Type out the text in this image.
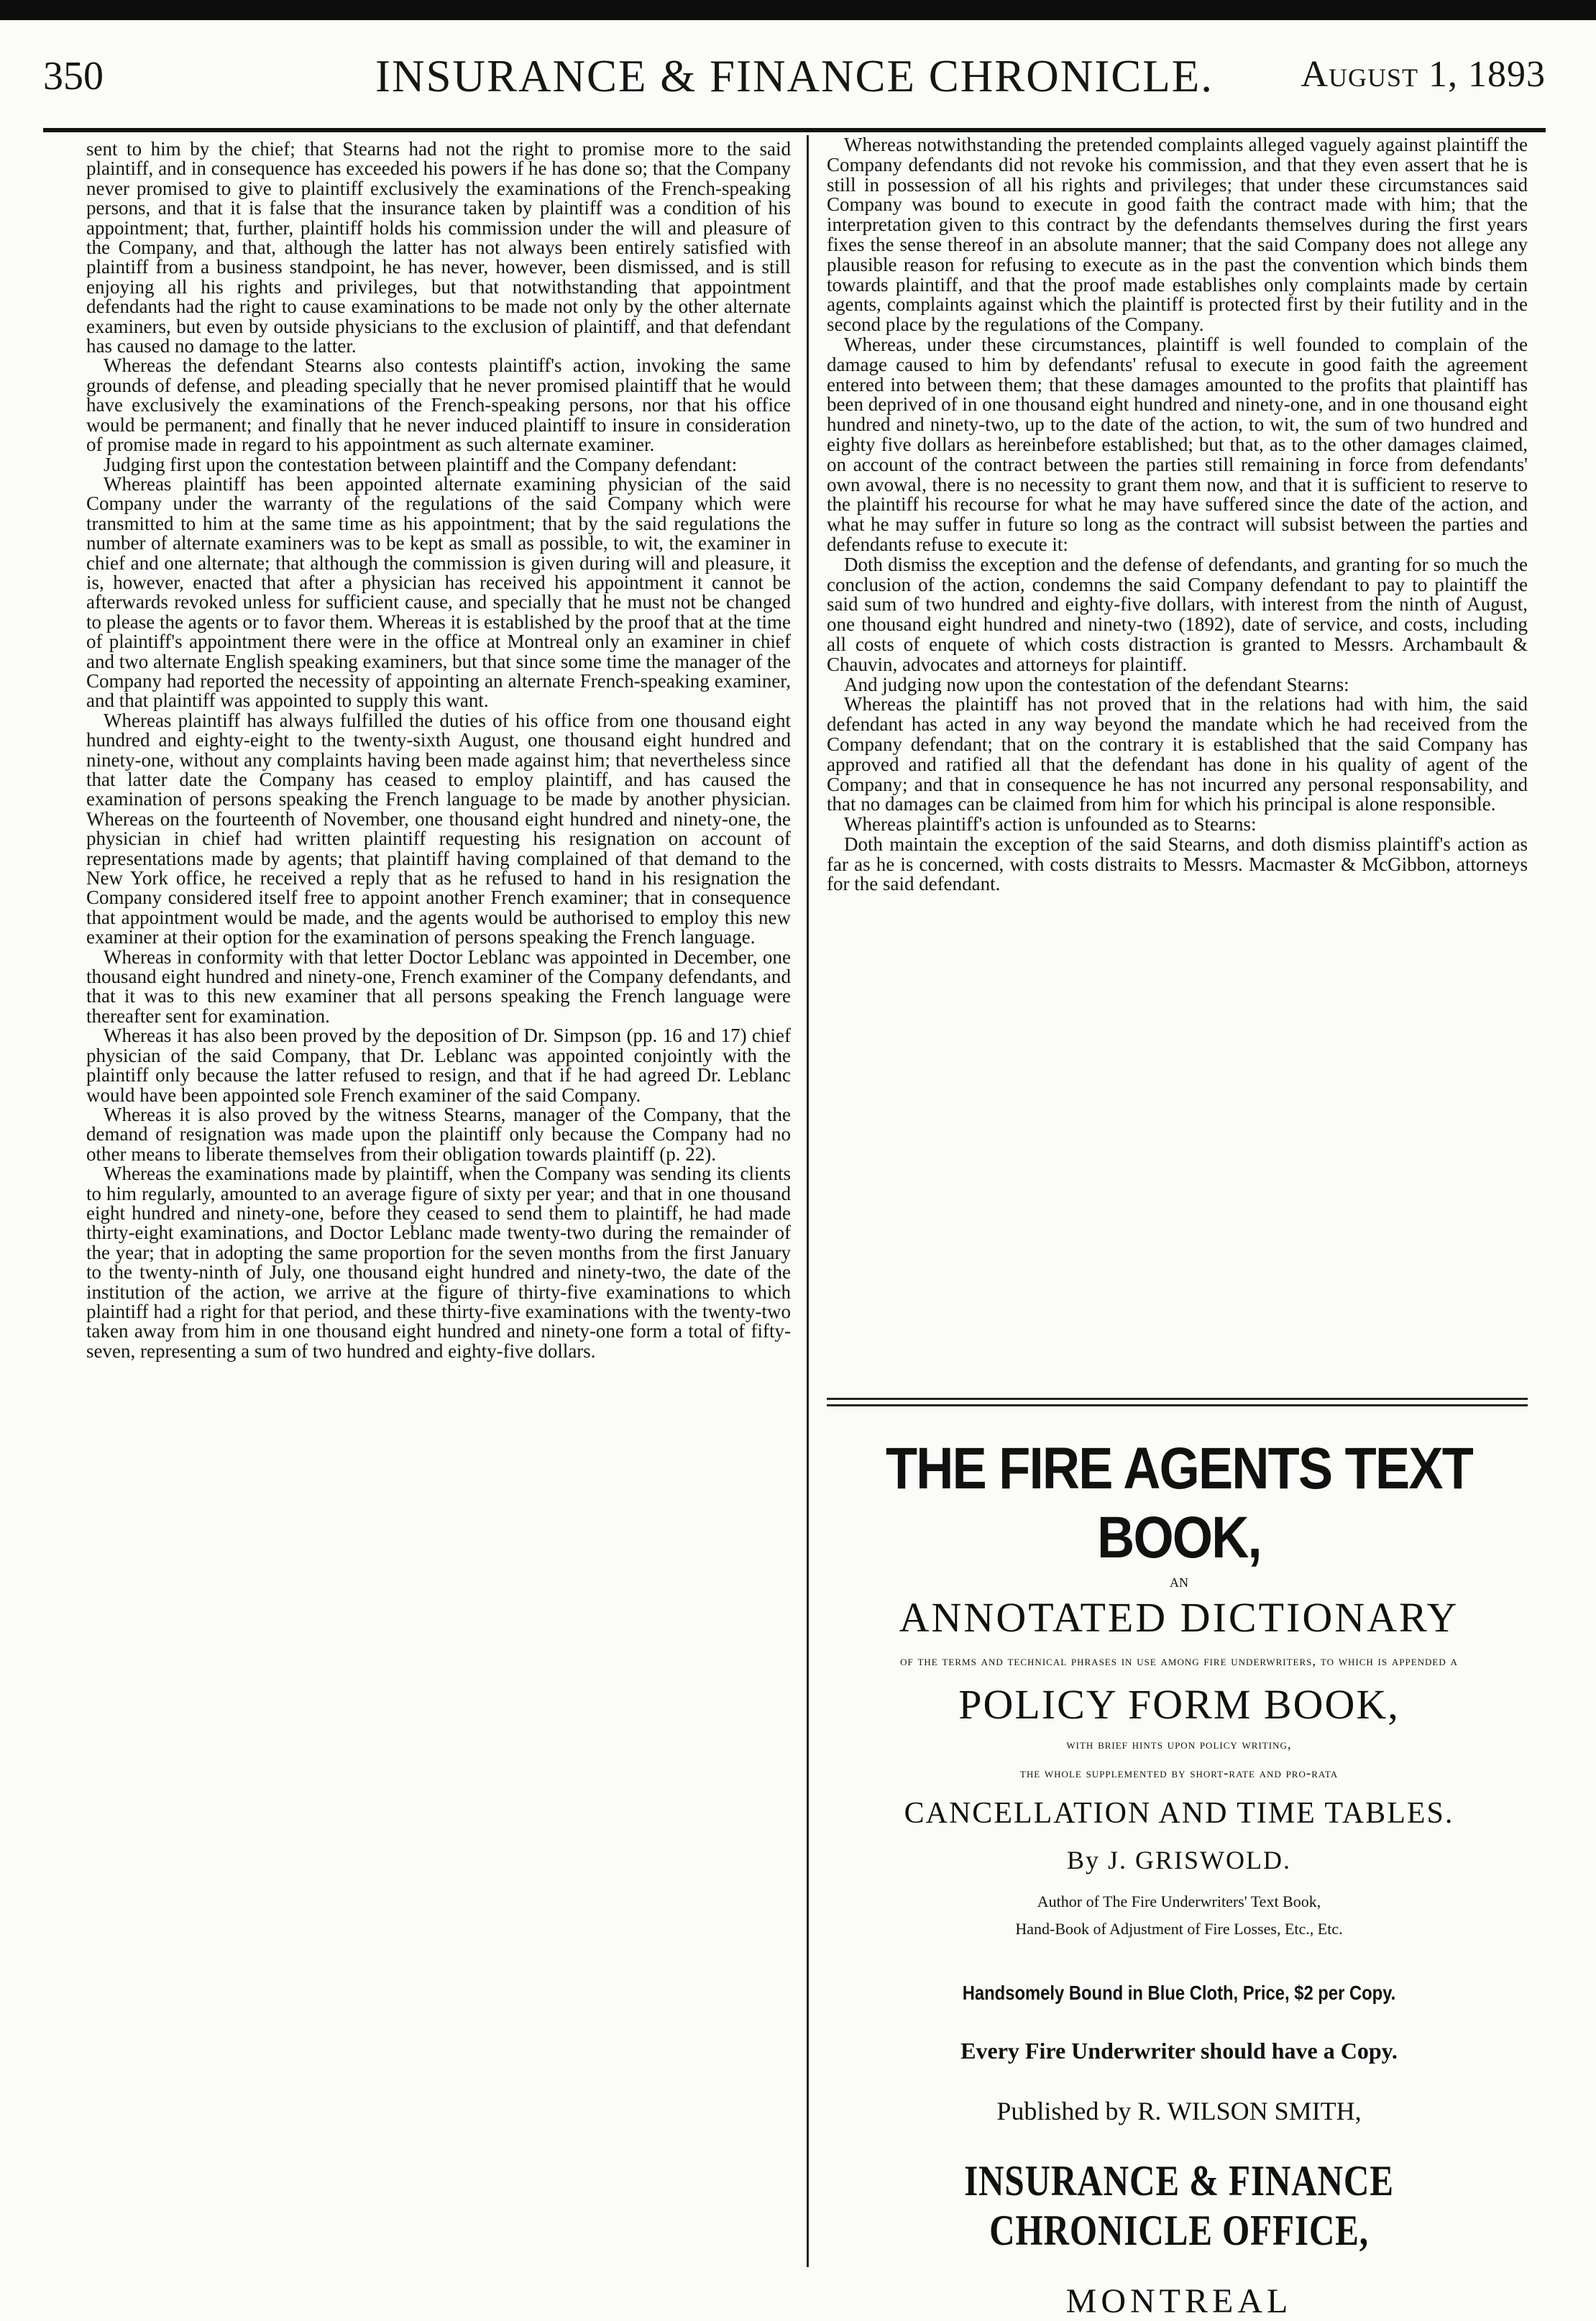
350	INSURANCE & FINANCE CHRONICLE.	August 1, 1893

sent to him by the chief; that Stearns had not the right to promise more to the said plaintiff, and in consequence has exceeded his powers if he has done so; that the Company never promised to give to plaintiff exclusively the examinations of the French-speaking persons, and that it is false that the insurance taken by plaintiff was a condition of his appointment; that, further, plaintiff holds his commission under the will and pleasure of the Company, and that, although the latter has not always been entirely satisfied with plaintiff from a business standpoint, he has never, however, been dismissed, and is still enjoying all his rights and privileges, but that notwithstanding that appointment defendants had the right to cause examinations to be made not only by the other alternate examiners, but even by outside physicians to the exclusion of plaintiff, and that defendant has caused no damage to the latter.

Whereas the defendant Stearns also contests plaintiff's action, invoking the same grounds of defense, and pleading specially that he never promised plaintiff that he would have exclusively the examinations of the French-speaking persons, nor that his office would be permanent; and finally that he never induced plaintiff to insure in consideration of promise made in regard to his appointment as such alternate examiner.

Judging first upon the contestation between plaintiff and the Company defendant:

Whereas plaintiff has been appointed alternate examining physician of the said Company under the warranty of the regulations of the said Company which were transmitted to him at the same time as his appointment; that by the said regulations the number of alternate examiners was to be kept as small as possible, to wit, the examiner in chief and one alternate; that although the commission is given during will and pleasure, it is, however, enacted that after a physician has received his appointment it cannot be afterwards revoked unless for sufficient cause, and specially that he must not be changed to please the agents or to favor them. Whereas it is established by the proof that at the time of plaintiff's appointment there were in the office at Montreal only an examiner in chief and two alternate English speaking examiners, but that since some time the manager of the Company had reported the necessity of appointing an alternate French-speaking examiner, and that plaintiff was appointed to supply this want.

Whereas plaintiff has always fulfilled the duties of his office from one thousand eight hundred and eighty-eight to the twenty-sixth August, one thousand eight hundred and ninety-one, without any complaints having been made against him; that nevertheless since that latter date the Company has ceased to employ plaintiff, and has caused the examination of persons speaking the French language to be made by another physician. Whereas on the fourteenth of November, one thousand eight hundred and ninety-one, the physician in chief had written plaintiff requesting his resignation on account of representations made by agents; that plaintiff having complained of that demand to the New York office, he received a reply that as he refused to hand in his resignation the Company considered itself free to appoint another French examiner; that in consequence that appointment would be made, and the agents would be authorised to employ this new examiner at their option for the examination of persons speaking the French language.

Whereas in conformity with that letter Doctor Leblanc was appointed in December, one thousand eight hundred and ninety-one, French examiner of the Company defendants, and that it was to this new examiner that all persons speaking the French language were thereafter sent for examination.

Whereas it has also been proved by the deposition of Dr. Simpson (pp. 16 and 17) chief physician of the said Company, that Dr. Leblanc was appointed conjointly with the plaintiff only because the latter refused to resign, and that if he had agreed Dr. Leblanc would have been appointed sole French examiner of the said Company.

Whereas it is also proved by the witness Stearns, manager of the Company, that the demand of resignation was made upon the plaintiff only because the Company had no other means to liberate themselves from their obligation towards plaintiff (p. 22).

Whereas the examinations made by plaintiff, when the Company was sending its clients to him regularly, amounted to an average figure of sixty per year; and that in one thousand eight hundred and ninety-one, before they ceased to send them to plaintiff, he had made thirty-eight examinations, and Doctor Leblanc made twenty-two during the remainder of the year; that in adopting the same proportion for the seven months from the first January to the twenty-ninth of July, one thousand eight hundred and ninety-two, the date of the institution of the action, we arrive at the figure of thirty-five examinations to which plaintiff had a right for that period, and these thirty-five examinations with the twenty-two taken away from him in one thousand eight hundred and ninety-one form a total of fifty-seven, representing a sum of two hundred and eighty-five dollars.

Whereas notwithstanding the pretended complaints alleged vaguely against plaintiff the Company defendants did not revoke his commission, and that they even assert that he is still in possession of all his rights and privileges; that under these circumstances said Company was bound to execute in good faith the contract made with him; that the interpretation given to this contract by the defendants themselves during the first years fixes the sense thereof in an absolute manner; that the said Company does not allege any plausible reason for refusing to execute as in the past the convention which binds them towards plaintiff, and that the proof made establishes only complaints made by certain agents, complaints against which the plaintiff is protected first by their futility and in the second place by the regulations of the Company.

Whereas, under these circumstances, plaintiff is well founded to complain of the damage caused to him by defendants' refusal to execute in good faith the agreement entered into between them; that these damages amounted to the profits that plaintiff has been deprived of in one thousand eight hundred and ninety-one, and in one thousand eight hundred and ninety-two, up to the date of the action, to wit, the sum of two hundred and eighty five dollars as hereinbefore established; but that, as to the other damages claimed, on account of the contract between the parties still remaining in force from defendants' own avowal, there is no necessity to grant them now, and that it is sufficient to reserve to the plaintiff his recourse for what he may have suffered since the date of the action, and what he may suffer in future so long as the contract will subsist between the parties and defendants refuse to execute it:

Doth dismiss the exception and the defense of defendants, and granting for so much the conclusion of the action, condemns the said Company defendant to pay to plaintiff the said sum of two hundred and eighty-five dollars, with interest from the ninth of August, one thousand eight hundred and ninety-two (1892), date of service, and costs, including all costs of enquete of which costs distraction is granted to Messrs. Archambault & Chauvin, advocates and attorneys for plaintiff.

And judging now upon the contestation of the defendant Stearns:

Whereas the plaintiff has not proved that in the relations had with him, the said defendant has acted in any way beyond the mandate which he had received from the Company defendant; that on the contrary it is established that the said Company has approved and ratified all that the defendant has done in his quality of agent of the Company; and that in consequence he has not incurred any personal responsability, and that no damages can be claimed from him for which his principal is alone responsible.

Whereas plaintiff's action is unfounded as to Stearns:

Doth maintain the exception of the said Stearns, and doth dismiss plaintiff's action as far as he is concerned, with costs distraits to Messrs. Macmaster & McGibbon, attorneys for the said defendant.

THE FIRE AGENTS TEXT BOOK,
AN
ANNOTATED DICTIONARY
of the terms and technical phrases in use among fire underwriters, to which is appended a
POLICY FORM BOOK,
with brief hints upon policy writing,
the whole supplemented by short-rate and pro-rata
CANCELLATION AND TIME TABLES.
By J. GRISWOLD.
Author of The Fire Underwriters' Text Book,
Hand-Book of Adjustment of Fire Losses, Etc., Etc.
Handsomely Bound in Blue Cloth, Price, $2 per Copy.
Every Fire Underwriter should have a Copy.
Published by R. WILSON SMITH,
INSURANCE & FINANCE CHRONICLE OFFICE,
MONTREAL
